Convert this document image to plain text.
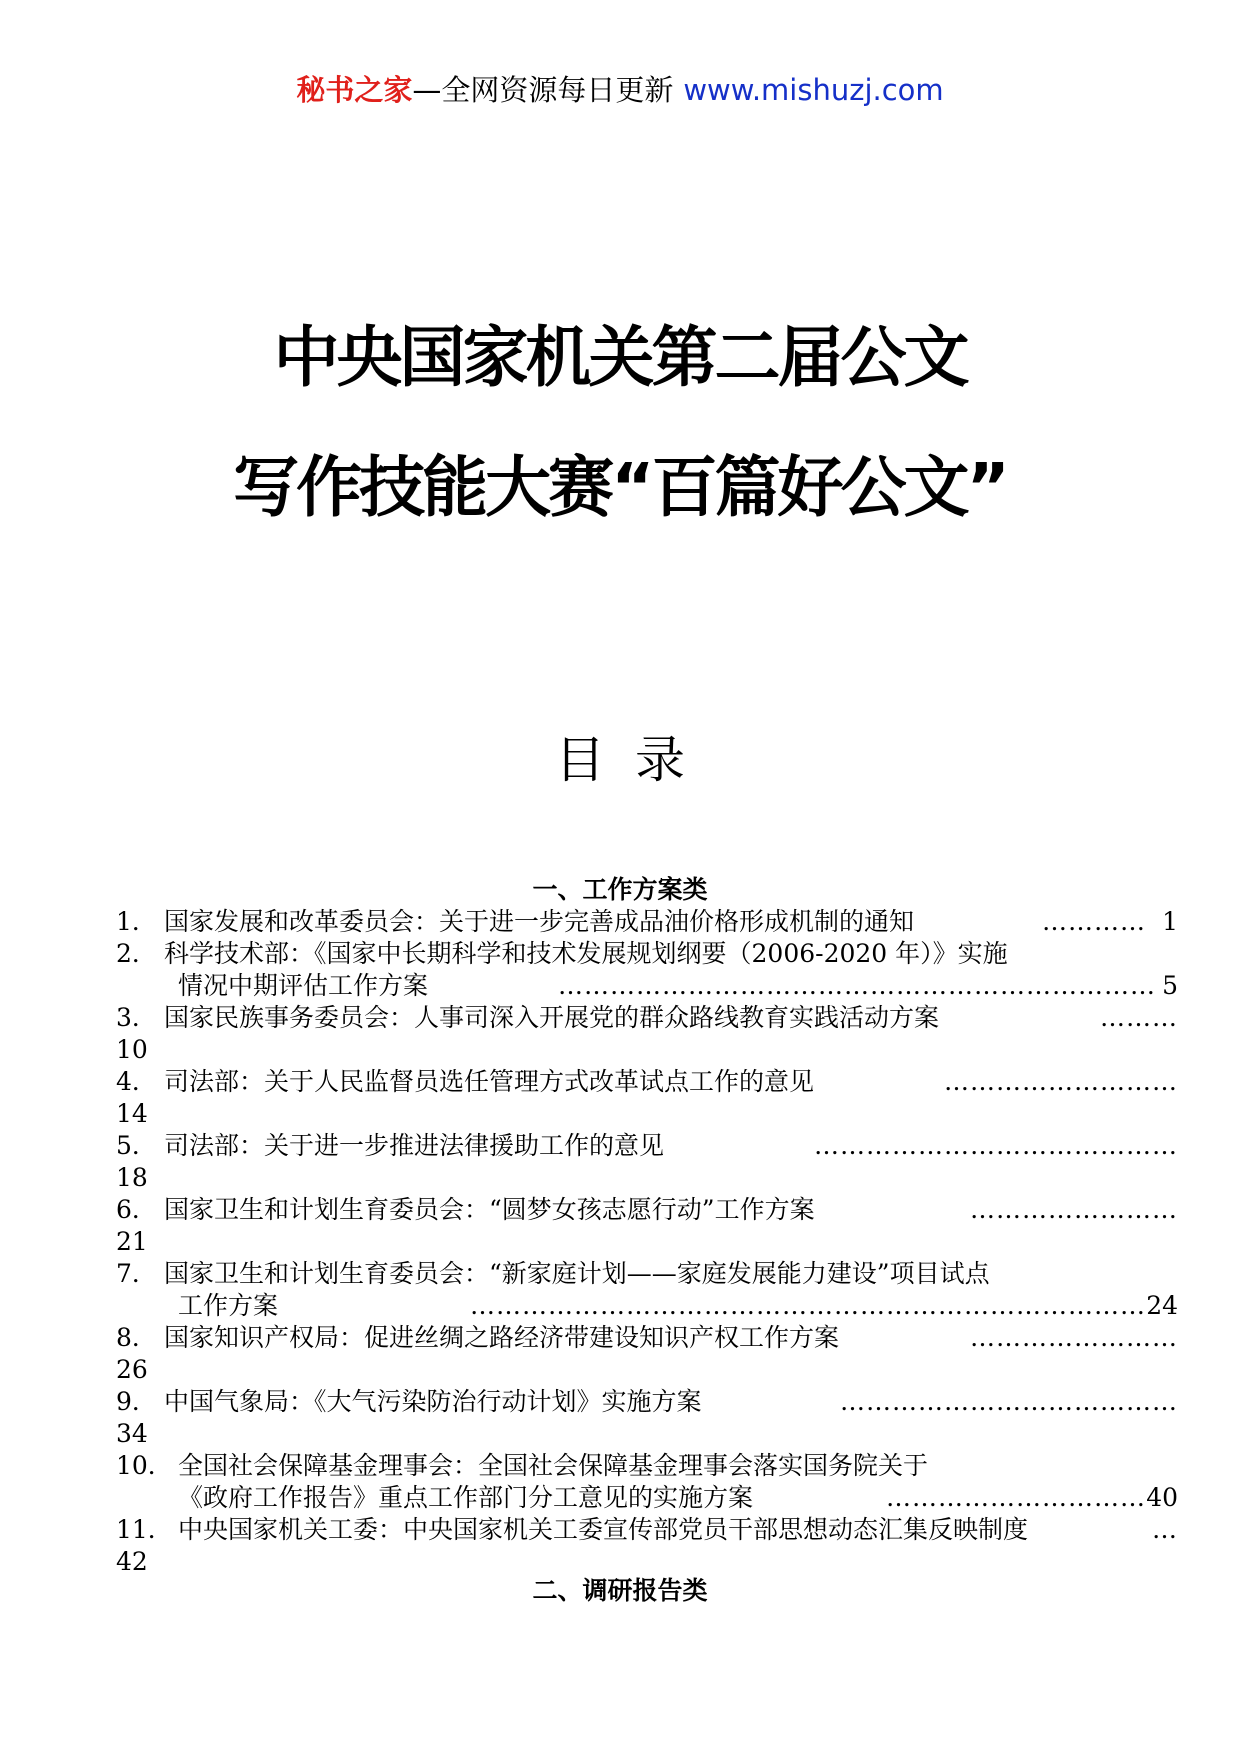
秘书之家—全网资源每日更新 www.mishuzj.com
中央国家机关第二届公文
写作技能大赛“百篇好公文”
目录
一、工作方案类
1． 国家发展和改革委员会：关于进一步完善成品油价格形成机制的通知	………… 1
2． 科学技术部：《国家中长期科学和技术发展规划纲要（2006-2020 年）》实施
情况中期评估工作方案	…………………………………………………………… 5
3． 国家民族事务委员会：人事司深入开展党的群众路线教育实践活动方案	………
10
4． 司法部：关于人民监督员选任管理方式改革试点工作的意见	………………………
14
5． 司法部：关于进一步推进法律援助工作的意见	……………………………………
18
6． 国家卫生和计划生育委员会：“圆梦女孩志愿行动”工作方案	……………………
21
7． 国家卫生和计划生育委员会：“新家庭计划——家庭发展能力建设”项目试点
工作方案	…………………………………………………………………… 24
8． 国家知识产权局：促进丝绸之路经济带建设知识产权工作方案	……………………
26
9． 中国气象局：《大气污染防治行动计划》实施方案	…………………………………
34
10． 全国社会保障基金理事会：全国社会保障基金理事会落实国务院关于
《政府工作报告》重点工作部门分工意见的实施方案	………………………… 40
11． 中央国家机关工委：中央国家机关工委宣传部党员干部思想动态汇集反映制度	…
42
二、调研报告类
